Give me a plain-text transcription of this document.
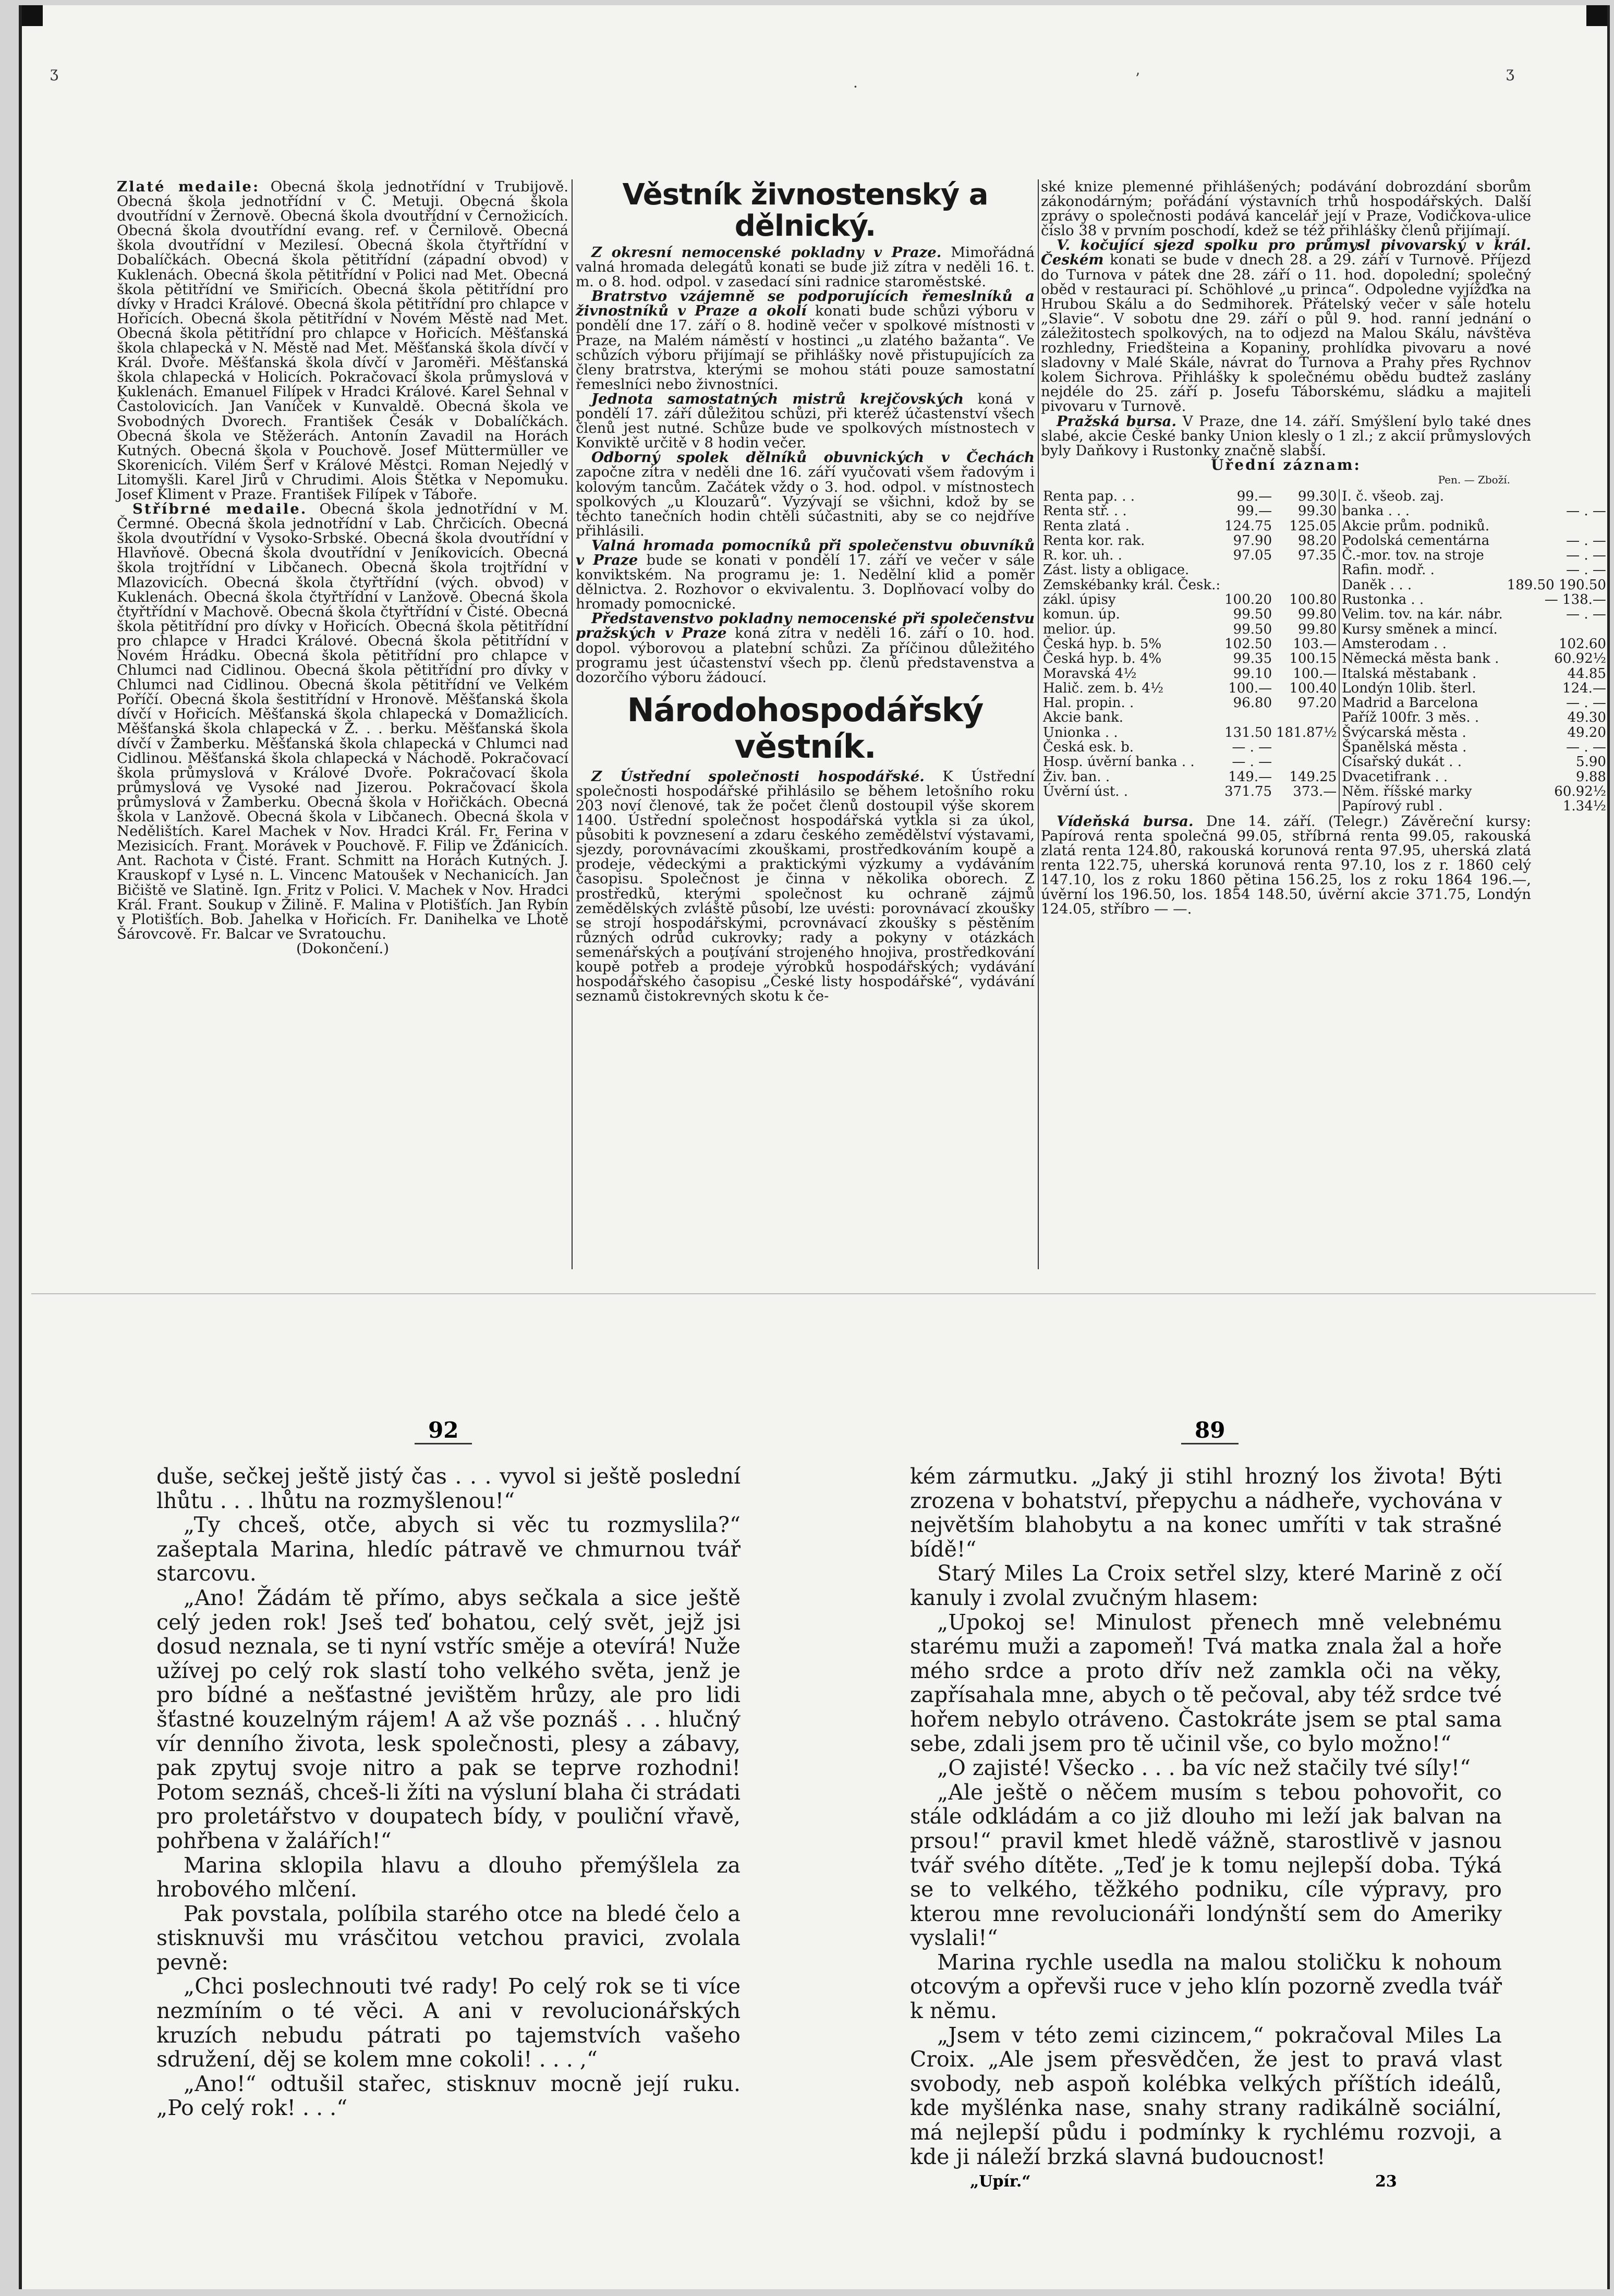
ʒ
·	’	ʒ

Zlaté medaile: Obecná škola jednotřídní v Trubijově. Obecná škola jednotřídní v Č. Metuji. Obecná škola dvoutřídní v Žernově. Obecná škola dvoutřídní v Černožicích. Obecná škola dvoutřídní evang. ref. v Černilově. Obecná škola dvoutřídní v Mezilesí. Obecná škola čtyřtřídní v Dobalíčkách. Obecná škola pětitřídní (západní obvod) v Kuklenách. Obecná škola pětitřídní v Polici nad Met. Obecná škola pětitřídní ve Smiřicích. Obecná škola pětitřídní pro dívky v Hradci Králové. Obecná škola pětitřídní pro chlapce v Hořicích. Obecná škola pětitřídní v Novém Městě nad Met. Obecná škola pětitřídní pro chlapce v Hořicích. Měšťanská škola chlapecká v N. Městě nad Met. Měšťanská škola dívčí v Král. Dvoře. Měšťanská škola dívčí v Jaroměři. Měšťanská škola chlapecká v Holicích. Pokračovací škola průmyslová v Kuklenách. Emanuel Filípek v Hradci Králové. Karel Sehnal v Častolovicích. Jan Vaníček v Kunvaldě. Obecná škola ve Svobodných Dvorech. František Česák v Dobalíčkách. Obecná škola ve Stěžerách. Antonín Zavadil na Horách Kutných. Obecná škola v Pouchově. Josef Müttermüller ve Skorenicích. Vilém Šerf v Králové Městci. Roman Nejedlý v Litomyšli. Karel Jirů v Chrudimi. Alois Štětka v Nepomuku. Josef Kliment v Praze. František Filípek v Táboře.

Stříbrné medaile. Obecná škola jednotřídní v M. Čermné. Obecná škola jednotřídní v Lab. Chrčicích. Obecná škola dvoutřídní v Vysoko-Srbské. Obecná škola dvoutřídní v Hlavňově. Obecná škola dvoutřídní v Jeníkovicích. Obecná škola trojtřídní v Libčanech. Obecná škola trojtřídní v Mlazovicích. Obecná škola čtyřtřídní (vých. obvod) v Kuklenách. Obecná škola čtyřtřídní v Lanžově. Obecná škola čtyřtřídní v Machově. Obecná škola čtyřtřídní v Čisté. Obecná škola pětitřídní pro dívky v Hořicích. Obecná škola pětitřídní pro chlapce v Hradci Králové. Obecná škola pětitřídní v Novém Hrádku. Obecná škola pětitřídní pro chlapce v Chlumci nad Cidlinou. Obecná škola pětitřídní pro dívky v Chlumci nad Cidlinou. Obecná škola pětitřídní ve Velkém Poříčí. Obecná škola šestitřídní v Hronově. Měšťanská škola dívčí v Hořicích. Měšťanská škola chlapecká v Domažlicích. Měšťanská škola chlapecká v Ž. . . berku. Měšťanská škola dívčí v Žamberku. Měšťanská škola chlapecká v Chlumci nad Cidlinou. Měšťanská škola chlapecká v Náchodě. Pokračovací škola průmyslová v Králové Dvoře. Pokračovací škola průmyslová ve Vysoké nad Jizerou. Pokračovací škola průmyslová v Žamberku. Obecná škola v Hořičkách. Obecná škola v Lanžově. Obecná škola v Libčanech. Obecná škola v Nedělištích. Karel Machek v Nov. Hradci Král. Fr. Ferina v Mezisicích. Frant. Morávek v Pouchově. F. Filip ve Žďánicích. Ant. Rachota v Čisté. Frant. Schmitt na Horách Kutných. J. Krauskopf v Lysé n. L. Vincenc Matoušek v Nechanicích. Jan Bičiště ve Slatině. Ign. Fritz v Polici. V. Machek v Nov. Hradci Král. Frant. Soukup v Žilině. F. Malina v Plotišťích. Jan Rybín v Plotišťích. Bob. Jahelka v Hořicích. Fr. Danihelka ve Lhotě Šárovcově. Fr. Balcar ve Svratouchu.

(Dokončení.)

Věstník živnostenský a dělnický.

Z okresní nemocenské pokladny v Praze. Mimořádná valná hromada delegátů konati se bude již zítra v neděli 16. t. m. o 8. hod. odpol. v zasedací síni radnice staroměstské.

Bratrstvo vzájemně se podporujících řemeslníků a živnostníků v Praze a okolí konati bude schůzi výboru v pondělí dne 17. září o 8. hodině večer v spolkové místnosti v Praze, na Malém náměstí v hostinci „u zlatého bažanta“. Ve schůzích výboru přijímají se přihlášky nově přistupujících za členy bratrstva, kterými se mohou státi pouze samostatní řemeslníci nebo živnostníci.

Jednota samostatných mistrů krejčovských koná v pondělí 17. září důležitou schůzi, při kteréž účastenství všech členů jest nutné. Schůze bude ve spolkových místnostech v Konviktě určitě v 8 hodin večer.

Odborný spolek dělníků obuvnických v Čechách započne zítra v neděli dne 16. září vyučovati všem řadovým i kolovým tancům. Začátek vždy o 3. hod. odpol. v místnostech spolkových „u Klouzarů“. Vyzývají se všichni, kdož by se těchto tanečních hodin chtěli súčastniti, aby se co nejdříve přihlásili.

Valná hromada pomocníků při společenstvu obuvníků v Praze bude se konati v pondělí 17. září ve večer v sále konviktském. Na programu je: 1. Nedělní klid a poměr dělnictva. 2. Rozhovor o ekvivalentu. 3. Doplňovací volby do hromady pomocnické.

Představenstvo pokladny nemocenské při společenstvu pražských v Praze koná zítra v neděli 16. září o 10. hod. dopol. výborovou a platební schůzi. Za příčinou důležitého programu jest účastenství všech pp. členů představenstva a dozorčího výboru žádoucí.

Národohospodářský věstník.

Z Ústřední společnosti hospodářské. K Ústřední společnosti hospodářské přihlásilo se během letošního roku 203 noví členové, tak že počet členů dostoupil výše skorem 1400. Ústřední společnost hospodářská vytkla si za úkol, působiti k povznesení a zdaru českého zemědělství výstavami, sjezdy, porovnávacími zkouškami, prostředkováním koupě a prodeje, vědeckými a praktickými výzkumy a vydáváním časopisu. Společnost je činna v několika oborech. Z prostředků, kterými společnost ku ochraně zájmů zemědělských zvláště působí, lze uvésti: porovnávací zkoušky se strojí hospodářskými, pcrovnávací zkoušky s pěstěním různých odrůd cukrovky; rady a pokyny v otázkách semenářských a pouţívání strojeného hnojiva, prostředkování koupě potřeb a prodeje výrobků hospodářských; vydávání hospodářského časopisu „České listy hospodářské“, vydávání seznamů čistokrevných skotu k če-

ské knize plemenné přihlášených; podávání dobrozdání sborům zákonodárným; pořádání výstavních trhů hospodářských. Další zprávy o společnosti podává kancelář její v Praze, Vodičkova-ulice číslo 38 v prvním poschodí, kdež se též přihlášky členů přijímají.

V. kočující sjezd spolku pro průmysl pivovarský v král. Českém konati se bude v dnech 28. a 29. září v Turnově. Příjezd do Turnova v pátek dne 28. září o 11. hod. dopolední; společný oběd v restauraci pí. Schöhlové „u princa“. Odpoledne vyjížďka na Hrubou Skálu a do Sedmihorek. Přátelský večer v sále hotelu „Slavie“. V sobotu dne 29. září o půl 9. hod. ranní jednání o záležitostech spolkových, na to odjezd na Malou Skálu, návštěva rozhledny, Friedšteina a Kopaniny, prohlídka pivovaru a nové sladovny v Malé Skále, návrat do Turnova a Prahy přes Rychnov kolem Sichrova. Přihlášky k společnému obědu budtež zaslány nejdéle do 25. září p. Josefu Táborskému, sládku a majiteli pivovaru v Turnově.

Pražská bursa. V Praze, dne 14. září. Smýšlení bylo také dnes slabé, akcie České banky Union klesly o 1 zl.; z akcií průmyslových byly Daňkovy i Rustonky značně slabší.

Úřední záznam:

Pen. — Zboží.

Renta pap. . .	99.—	99.30	I. č. všeob. zaj.	
Renta stř. . .	99.—	99.30	banka . . .	— . —
Renta zlatá .	124.75	125.05	Akcie prům. podniků.	
Renta kor. rak.	97.90	98.20	Podolská cementárna	— . —
R. kor. uh. .	97.05	97.35	Č.-mor. tov. na stroje	— . —
Zást. listy a obligace.			Rafin. modř. .	— . —
Zemskébanky král. Česk.:			Daněk . . .	189.50 190.50
zákl. úpisy	100.20	100.80	Rustonka . .	— 138.—
komun. úp.	99.50	99.80	Velim. tov. na kár. nábr.	— . —
melior. úp.	99.50	99.80	Kursy směnek a mincí.	
Česká hyp. b. 5%	102.50	103.—	Amsterodam . .	102.60
Česká hyp. b. 4%	99.35	100.15	Německá města bank .	60.92½
Moravská 4½	99.10	100.—	Italská městabank .	44.85
Halič. zem. b. 4½	100.—	100.40	Londýn 10lib. šterl.	124.—
Hal. propin. .	96.80	97.20	Madrid a Barcelona	— . —
Akcie bank.			Paříž 100fr. 3 měs. .	49.30
Unionka . .	131.50	181.87½	Švýcarská města .	49.20
Česká esk. b.	— . —		Španělská města .	— . —
Hosp. úvěrní banka . .	— . —		Císařský dukát . .	5.90
Živ. ban. .	149.—	149.25	Dvacetifrank . .	9.88
Úvěrní úst. .	371.75	373.—	Něm. říšské marky	60.92½
			Papírový rubl .	1.34½

Vídeňská bursa. Dne 14. září. (Telegr.) Závěreční kursy: Papírová renta společná 99.05, stříbrná renta 99.05, rakouská zlatá renta 124.80, rakouská korunová renta 97.95, uherská zlatá renta 122.75, uherská korunová renta 97.10, los z r. 1860 celý 147.10, los z roku 1860 pětina 156.25, los z roku 1864 196.—, úvěrní los 196.50, los. 1854 148.50, úvěrní akcie 371.75, Londýn 124.05, stříbro — —.

92	89

duše, sečkej ještě jistý čas . . . vyvol si ještě poslední lhůtu . . . lhůtu na rozmyšlenou!“

„Ty chceš, otče, abych si věc tu rozmyslila?“ zašeptala Marina, hledíc pátravě ve chmurnou tvář starcovu.

„Ano! Žádám tě přímo, abys sečkala a sice ještě celý jeden rok! Jseš teď bohatou, celý svět, jejž jsi dosud neznala, se ti nyní vstříc směje a otevírá! Nuže užívej po celý rok slastí toho velkého světa, jenž je pro bídné a nešťastné jevištěm hrůzy, ale pro lidi šťastné kouzelným rájem! A až vše poznáš . . . hlučný vír denního života, lesk společnosti, plesy a zábavy, pak zpytuj svoje nitro a pak se teprve rozhodni! Potom seznáš, chceš-li žíti na výsluní blaha či strádati pro proletářstvo v doupatech bídy, v pouliční vřavě, pohřbena v žalářích!“

Marina sklopila hlavu a dlouho přemýšlela za hrobového mlčení.

Pak povstala, políbila starého otce na bledé čelo a stisknuvši mu vrásčitou vetchou pravici, zvolala pevně:

„Chci poslechnouti tvé rady! Po celý rok se ti více nezmíním o té věci. A ani v revolucionářských kruzích nebudu pátrati po tajemstvích vašeho sdružení, děj se kolem mne cokoli! . . . ,“

„Ano!“ odtušil stařec, stisknuv mocně její ruku. „Po celý rok! . . .“

kém zármutku. „Jaký ji stihl hrozný los života! Býti zrozena v bohatství, přepychu a nádheře, vychována v největším blahobytu a na konec umříti v tak strašné bídě!“

Starý Miles La Croix setřel slzy, které Marině z očí kanuly i zvolal zvučným hlasem:

„Upokoj se! Minulost přenech mně velebnému starému muži a zapomeň! Tvá matka znala žal a hoře mého srdce a proto dřív než zamkla oči na věky, zapřísahala mne, abych o tě pečoval, aby též srdce tvé hořem nebylo otráveno. Častokráte jsem se ptal sama sebe, zdali jsem pro tě učinil vše, co bylo možno!“

„O zajisté! Všecko . . . ba víc než stačily tvé síly!“

„Ale ještě o něčem musím s tebou pohovořit, co stále odkládám a co již dlouho mi leží jak balvan na prsou!“ pravil kmet hledě vážně, starostlivě v jasnou tvář svého dítěte. „Teď je k tomu nejlepší doba. Týká se to velkého, těžkého podniku, cíle výpravy, pro kterou mne revolucionáři londýnští sem do Ameriky vyslali!“

Marina rychle usedla na malou stoličku k nohoum otcovým a opřevši ruce v jeho klín pozorně zvedla tvář k němu.

„Jsem v této zemi cizincem,“ pokračoval Miles La Croix. „Ale jsem přesvědčen, že jest to pravá vlast svobody, neb aspoň kolébka velkých příštích ideálů, kde myšlénka nase, snahy strany radikálně sociální, má nejlepší půdu i podmínky k rychlému rozvoji, a kde ji náleží brzká slavná budoucnost!

„Upír.“	23
